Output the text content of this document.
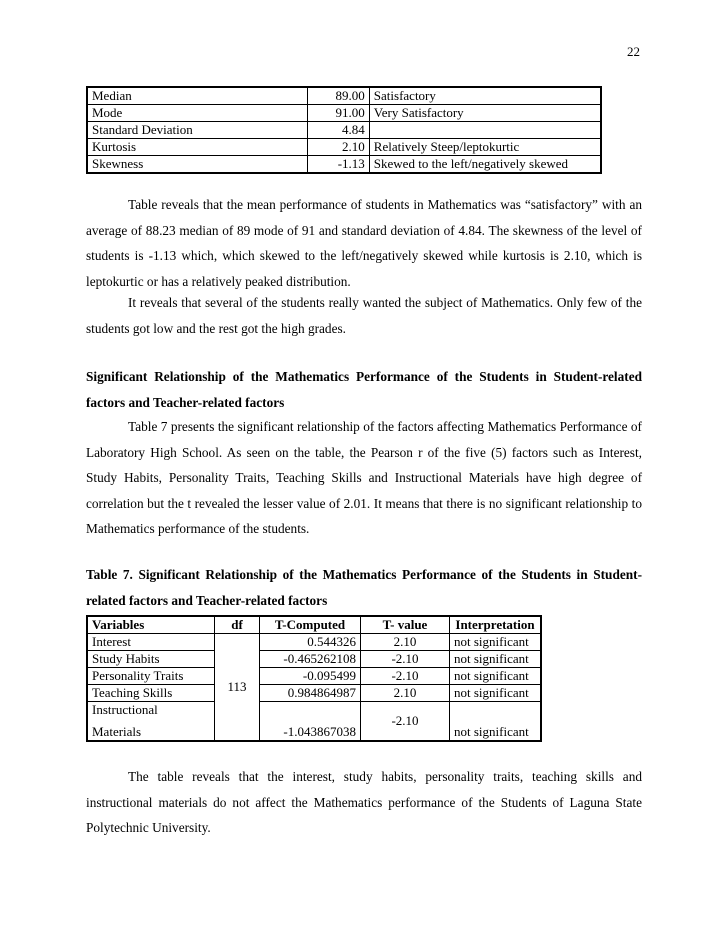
22
Median	89.00	Satisfactory
Mode	91.00	Very Satisfactory
Standard Deviation	4.84	
Kurtosis	2.10	Relatively Steep/leptokurtic
Skewness	-1.13	Skewed to the left/negatively skewed

Table reveals that the mean performance of students in Mathematics was “satisfactory” with an average of 88.23 median of 89 mode of 91 and standard deviation of 4.84. The skewness of the level of students is -1.13 which, which skewed to the left/negatively skewed while kurtosis is 2.10, which is leptokurtic or has a relatively peaked distribution.

It reveals that several of the students really wanted the subject of Mathematics. Only few of the students got low and the rest got the high grades.

Significant Relationship of the Mathematics Performance of the Students in Student-related factors and Teacher-related factors

Table 7 presents the significant relationship of the factors affecting Mathematics Performance of Laboratory High School. As seen on the table, the Pearson r of the five (5) factors such as Interest, Study Habits, Personality Traits, Teaching Skills and Instructional Materials have high degree of correlation but the t revealed the lesser value of 2.01. It means that there is no significant relationship to Mathematics performance of the students.

Table 7. Significant Relationship of the Mathematics Performance of the Students in Student-related factors and Teacher-related factors

Variables	df	T-Computed	T- value	Interpretation
Interest	113	0.544326	2.10	not significant
Study Habits		-0.465262108	-2.10	not significant
Personality Traits		-0.095499	-2.10	not significant
Teaching Skills		0.984864987	2.10	not significant

Instructional
Materials		-1.043867038	-2.10	not significant

The table reveals that the interest, study habits, personality traits, teaching skills and instructional materials do not affect the Mathematics performance of the Students of Laguna State Polytechnic University.
